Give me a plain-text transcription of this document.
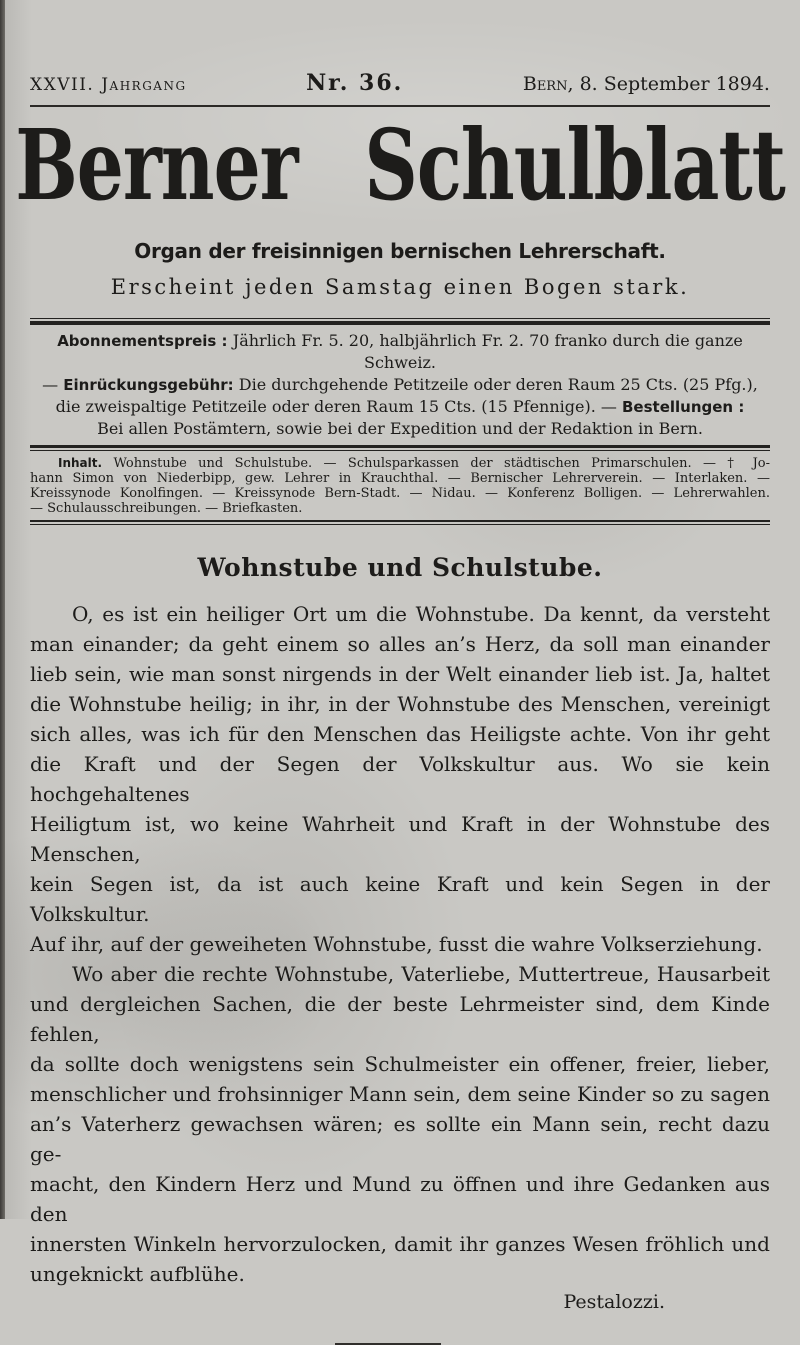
XXVII. Jahrgang	Nr. 36.	Bern, 8. September 1894.
Berner Schulblatt
Organ der freisinnigen bernischen Lehrerschaft.
Erscheint jeden Samstag einen Bogen stark.
Abonnementspreis : Jährlich Fr. 5. 20, halbjährlich Fr. 2. 70 franko durch die ganze Schweiz.
— Einrückungsgebühr: Die durchgehende Petitzeile oder deren Raum 25 Cts. (25 Pfg.),
die zweispaltige Petitzeile oder deren Raum 15 Cts. (15 Pfennige). — Bestellungen :
Bei allen Postämtern, sowie bei der Expedition und der Redaktion in Bern.
Inhalt. Wohnstube und Schulstube. — Schulsparkassen der städtischen Primarschulen. — † Jo-
hann Simon von Niederbipp, gew. Lehrer in Krauchthal. — Bernischer Lehrerverein. — Interlaken. —
Kreissynode Konolfingen. — Kreissynode Bern-Stadt. — Nidau. — Konferenz Bolligen. — Lehrerwahlen.
— Schulausschreibungen. — Briefkasten.
Wohnstube und Schulstube.
O, es ist ein heiliger Ort um die Wohnstube. Da kennt, da versteht
man einander; da geht einem so alles an’s Herz, da soll man einander
lieb sein, wie man sonst nirgends in der Welt einander lieb ist. Ja, haltet
die Wohnstube heilig; in ihr, in der Wohnstube des Menschen, vereinigt
sich alles, was ich für den Menschen das Heiligste achte. Von ihr geht
die Kraft und der Segen der Volkskultur aus. Wo sie kein hochgehaltenes
Heiligtum ist, wo keine Wahrheit und Kraft in der Wohnstube des Menschen,
kein Segen ist, da ist auch keine Kraft und kein Segen in der Volkskultur.
Auf ihr, auf der geweiheten Wohnstube, fusst die wahre Volkserziehung.
Wo aber die rechte Wohnstube, Vaterliebe, Muttertreue, Hausarbeit
und dergleichen Sachen, die der beste Lehrmeister sind, dem Kinde fehlen,
da sollte doch wenigstens sein Schulmeister ein offener, freier, lieber,
menschlicher und frohsinniger Mann sein, dem seine Kinder so zu sagen
an’s Vaterherz gewachsen wären; es sollte ein Mann sein, recht dazu ge-
macht, den Kindern Herz und Mund zu öffnen und ihre Gedanken aus den
innersten Winkeln hervorzulocken, damit ihr ganzes Wesen fröhlich und
ungeknickt aufblühe.
Pestalozzi.
